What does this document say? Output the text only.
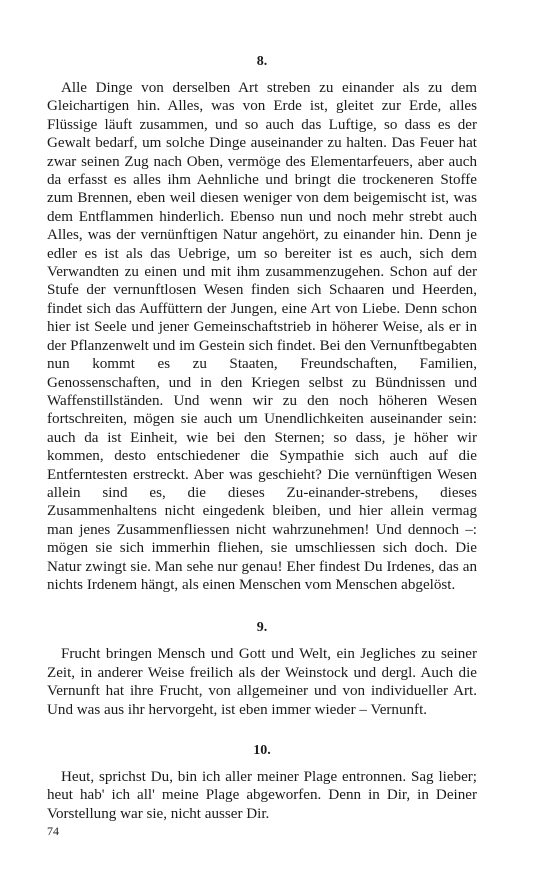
8.

Alle Dinge von derselben Art streben zu einander als zu dem Gleichartigen hin. Alles, was von Erde ist, gleitet zur Erde, alles Flüssige läuft zusammen, und so auch das Luftige, so dass es der Gewalt bedarf, um solche Dinge auseinander zu halten. Das Feuer hat zwar seinen Zug nach Oben, vermöge des Elementarfeuers, aber auch da erfasst es alles ihm Aehnliche und bringt die trockeneren Stoffe zum Brennen, eben weil diesen weniger von dem beigemischt ist, was dem Entflammen hinderlich. Ebenso nun und noch mehr strebt auch Alles, was der vernünftigen Natur angehört, zu einander hin. Denn je edler es ist als das Uebrige, um so bereiter ist es auch, sich dem Verwandten zu einen und mit ihm zusammenzugehen. Schon auf der Stufe der vernunftlosen Wesen finden sich Schaaren und Heerden, findet sich das Auffüttern der Jungen, eine Art von Liebe. Denn schon hier ist Seele und jener Gemeinschaftstrieb in höherer Weise, als er in der Pflanzenwelt und im Gestein sich findet. Bei den Vernunftbegabten nun kommt es zu Staaten, Freundschaften, Familien, Genossenschaften, und in den Kriegen selbst zu Bündnissen und Waffenstillständen. Und wenn wir zu den noch höheren Wesen fortschreiten, mögen sie auch um Unendlichkeiten auseinander sein: auch da ist Einheit, wie bei den Sternen; so dass, je höher wir kommen, desto entschiedener die Sympathie sich auch auf die Entferntesten erstreckt. Aber was geschieht? Die vernünftigen Wesen allein sind es, die dieses Zu-einander-strebens, dieses Zusammenhaltens nicht eingedenk bleiben, und hier allein vermag man jenes Zusammenfliessen nicht wahrzunehmen! Und dennoch –: mögen sie sich immerhin fliehen, sie umschliessen sich doch. Die Natur zwingt sie. Man sehe nur genau! Eher findest Du Irdenes, das an nichts Irdenem hängt, als einen Menschen vom Menschen abgelöst.

9.

Frucht bringen Mensch und Gott und Welt, ein Jegliches zu seiner Zeit, in anderer Weise freilich als der Weinstock und dergl. Auch die Vernunft hat ihre Frucht, von allgemeiner und von individueller Art. Und was aus ihr hervorgeht, ist eben immer wieder – Vernunft.

10.

Heut, sprichst Du, bin ich aller meiner Plage entronnen. Sag lieber; heut hab' ich all' meine Plage abgeworfen. Denn in Dir, in Deiner Vorstellung war sie, nicht ausser Dir.

74
